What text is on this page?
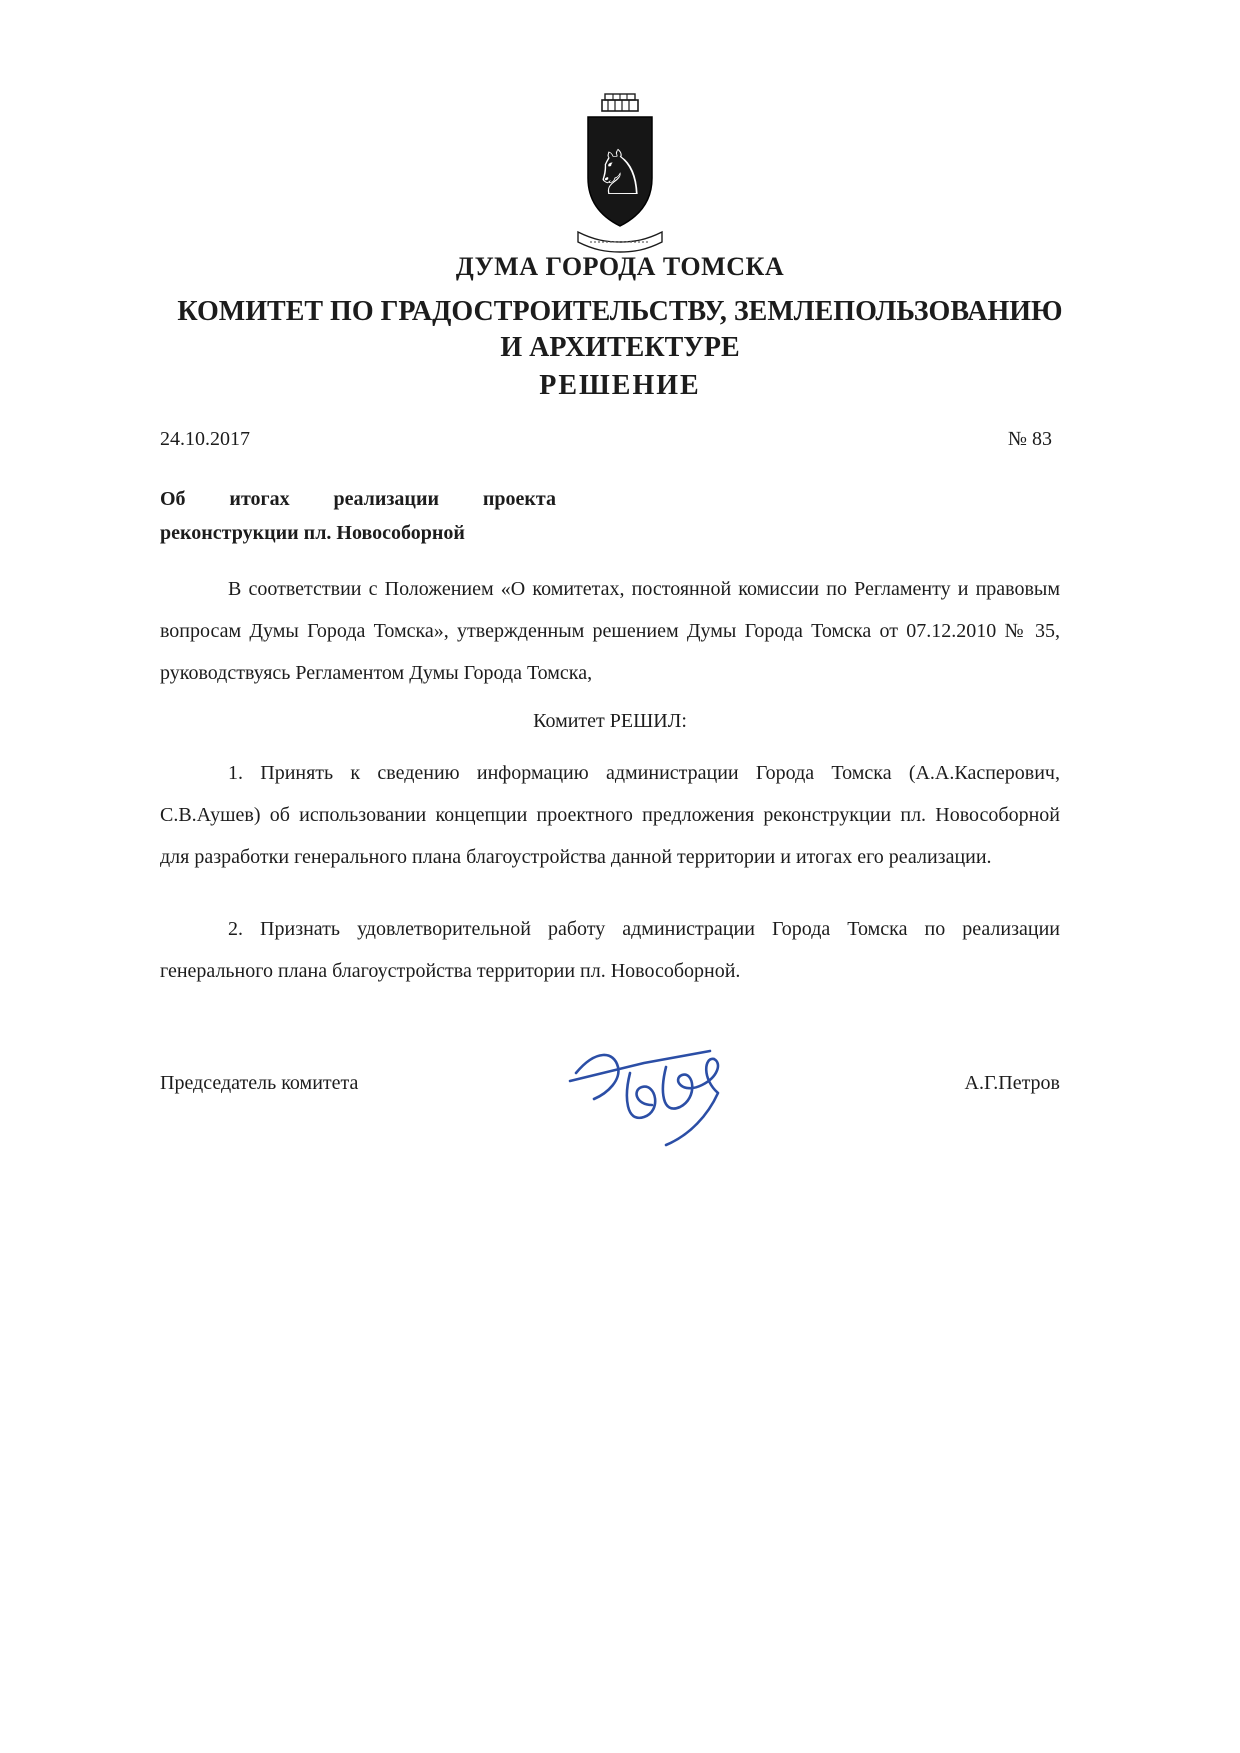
♘
ДУМА ГОРОДА ТОМСКА
КОМИТЕТ ПО ГРАДОСТРОИТЕЛЬСТВУ, ЗЕМЛЕПОЛЬЗОВАНИЮ
И АРХИТЕКТУРЕ
РЕШЕНИЕ
24.10.2017	№ 83
Об итогах реализации проекта
реконструкции пл. Новособорной
В соответствии с Положением «О комитетах, постоянной комиссии по Регламенту и правовым вопросам Думы Города Томска», утвержденным решением Думы Города Томска от 07.12.2010 № 35, руководствуясь Регламентом Думы Города Томска,
Комитет РЕШИЛ:
1. Принять к сведению информацию администрации Города Томска (А.А.Касперович, С.В.Аушев) об использовании концепции проектного предложения реконструкции пл. Новособорной для разработки генерального плана благоустройства данной территории и итогах его реализации.
2. Признать удовлетворительной работу администрации Города Томска по реализации генерального плана благоустройства территории пл. Новособорной.
Председатель комитета	А.Г.Петров
